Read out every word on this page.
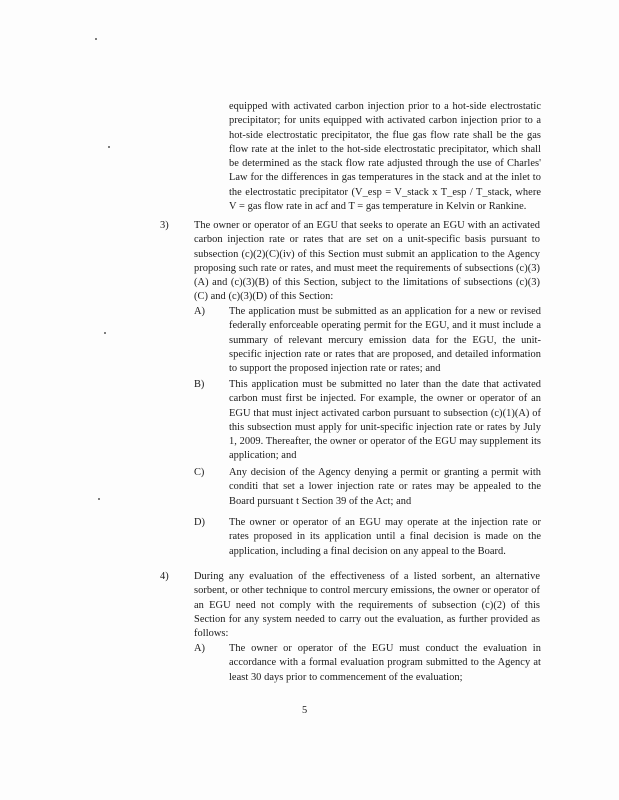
equipped with activated carbon injection prior to a hot-side electrostatic precipitator; for units equipped with activated carbon injection prior to a hot-side electrostatic precipitator, the flue gas flow rate shall be the gas flow rate at the inlet to the hot-side electrostatic precipitator, which shall be determined as the stack flow rate adjusted through the use of Charles' Law for the differences in gas temperatures in the stack and at the inlet to the electrostatic precipitator (V_esp = V_stack x T_esp / T_stack, where V = gas flow rate in acf and T = gas temperature in Kelvin or Rankine.
3) The owner or operator of an EGU that seeks to operate an EGU with an activated carbon injection rate or rates that are set on a unit-specific basis pursuant to subsection (c)(2)(C)(iv) of this Section must submit an application to the Agency proposing such rate or rates, and must meet the requirements of subsections (c)(3)(A) and (c)(3)(B) of this Section, subject to the limitations of subsections (c)(3)(C) and (c)(3)(D) of this Section:
A) The application must be submitted as an application for a new or revised federally enforceable operating permit for the EGU, and it must include a summary of relevant mercury emission data for the EGU, the unit-specific injection rate or rates that are proposed, and detailed information to support the proposed injection rate or rates; and
B) This application must be submitted no later than the date that activated carbon must first be injected. For example, the owner or operator of an EGU that must inject activated carbon pursuant to subsection (c)(1)(A) of this subsection must apply for unit-specific injection rate or rates by July 1, 2009. Thereafter, the owner or operator of the EGU may supplement its application; and
C) Any decision of the Agency denying a permit or granting a permit with conditi that set a lower injection rate or rates may be appealed to the Board pursuant t Section 39 of the Act; and
D) The owner or operator of an EGU may operate at the injection rate or rates proposed in its application until a final decision is made on the application, including a final decision on any appeal to the Board.
4) During any evaluation of the effectiveness of a listed sorbent, an alternative sorbent, or other technique to control mercury emissions, the owner or operator of an EGU need not comply with the requirements of subsection (c)(2) of this Section for any system needed to carry out the evaluation, as further provided as follows:
A) The owner or operator of the EGU must conduct the evaluation in accordance with a formal evaluation program submitted to the Agency at least 30 days prior to commencement of the evaluation;
5
